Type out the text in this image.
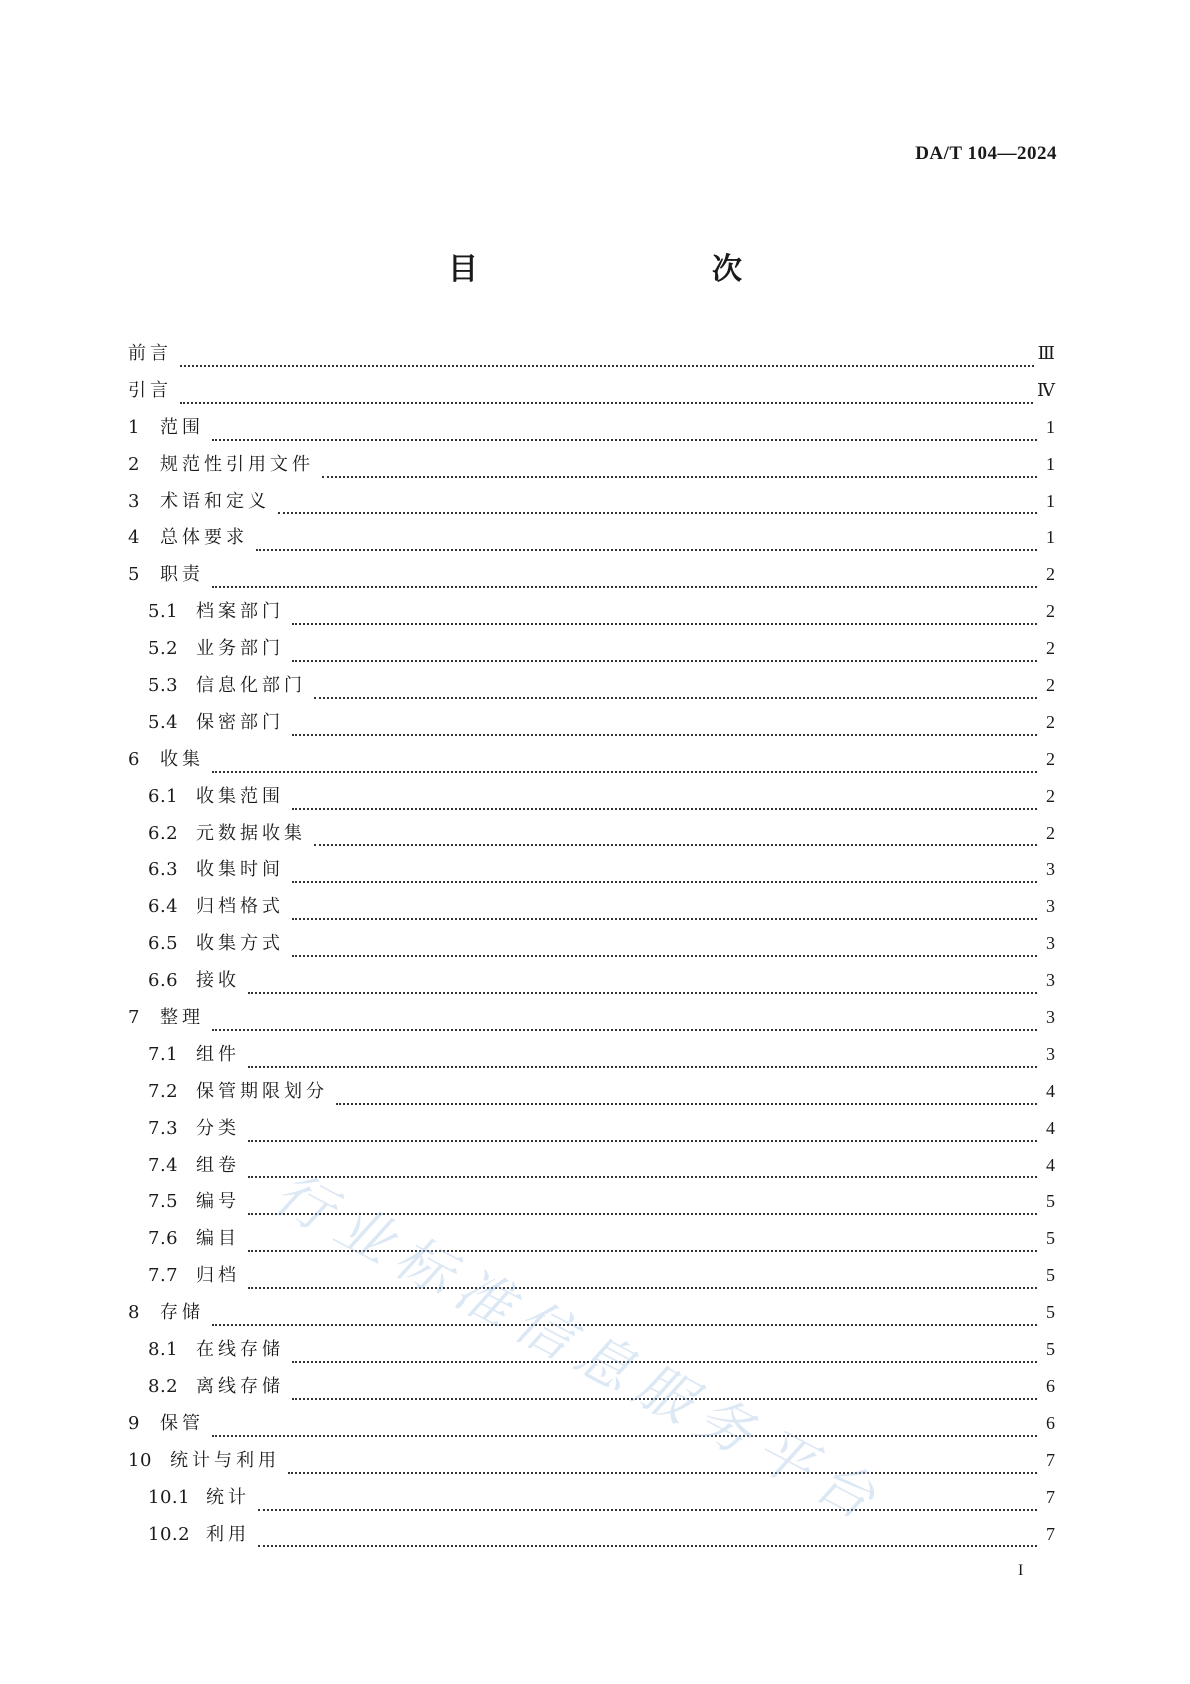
DA/T 104—2024
目　　次
前言	Ⅲ
引言	Ⅳ
1	范围	1
2	规范性引用文件	1
3	术语和定义	1
4	总体要求	1
5	职责	2
5.1 档案部门	2
5.2 业务部门	2
5.3 信息化部门	2
5.4 保密部门	2
6	收集	2
6.1 收集范围	2
6.2 元数据收集	2
6.3 收集时间	3
6.4 归档格式	3
6.5 收集方式	3
6.6 接收	3
7	整理	3
7.1 组件	3
7.2 保管期限划分	4
7.3 分类	4
7.4 组卷	4
7.5 编号	5
7.6 编目	5
7.7 归档	5
8	存储	5
8.1 在线存储	5
8.2 离线存储	6
9	保管	6
10	统计与利用	7
10.1 统计	7
10.2 利用	7
I
行业标准信息服务平台
